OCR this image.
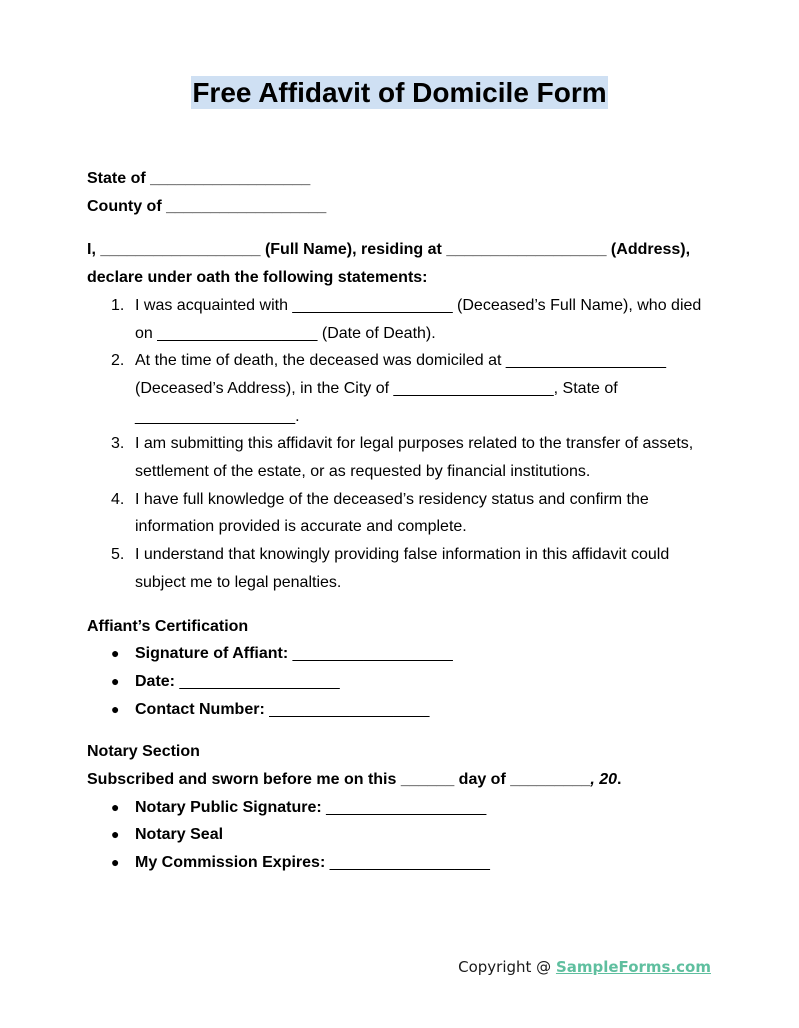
Free Affidavit of Domicile Form

State of __________________

County of __________________

I, __________________ (Full Name), residing at __________________ (Address), declare under oath the following statements:

1. I was acquainted with __________________ (Deceased’s Full Name), who died on __________________ (Date of Death).
2. At the time of death, the deceased was domiciled at __________________ (Deceased’s Address), in the City of __________________, State of __________________.
3. I am submitting this affidavit for legal purposes related to the transfer of assets, settlement of the estate, or as requested by financial institutions.
4. I have full knowledge of the deceased’s residency status and confirm the information provided is accurate and complete.
5. I understand that knowingly providing false information in this affidavit could subject me to legal penalties.

Affiant’s Certification

● Signature of Affiant: __________________
● Date: __________________
● Contact Number: __________________

Notary Section

Subscribed and sworn before me on this ______ day of _________, 20.

● Notary Public Signature: __________________
● Notary Seal
● My Commission Expires: __________________
Copyright @ SampleForms.com
